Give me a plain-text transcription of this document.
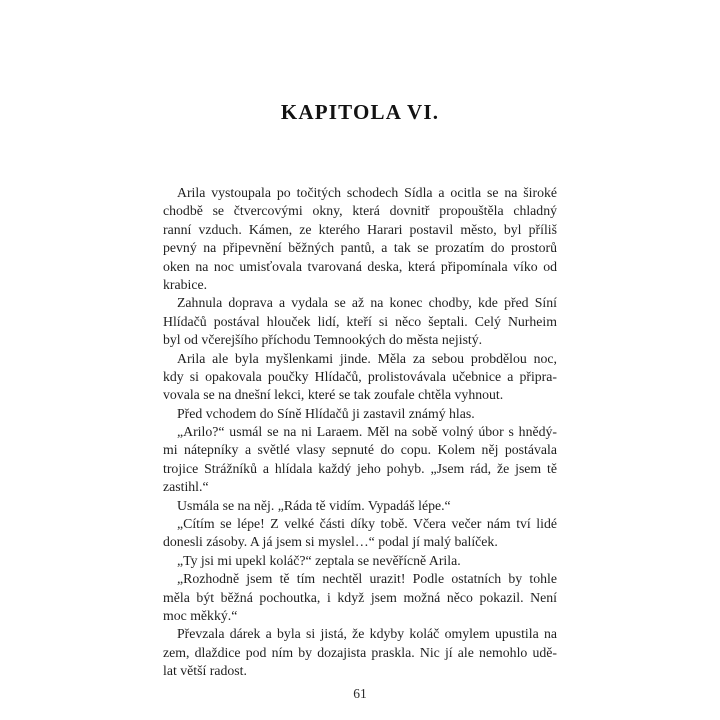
KAPITOLA VI.
Arila vystoupala po točitých schodech Sídla a ocitla se na široké
chodbě se čtvercovými okny, která dovnitř propouštěla chladný
ranní vzduch. Kámen, ze kterého Harari postavil město, byl příliš
pevný na připevnění běžných pantů, a tak se prozatím do prostorů
oken na noc umisťovala tvarovaná deska, která připomínala víko od
krabice.
Zahnula doprava a vydala se až na konec chodby, kde před Síní
Hlídačů postával hlouček lidí, kteří si něco šeptali. Celý Nurheim
byl od včerejšího příchodu Temnookých do města nejistý.
Arila ale byla myšlenkami jinde. Měla za sebou probdělou noc,
kdy si opakovala poučky Hlídačů, prolistovávala učebnice a připra-
vovala se na dnešní lekci, které se tak zoufale chtěla vyhnout.
Před vchodem do Síně Hlídačů ji zastavil známý hlas.
„Arilo?“ usmál se na ni Laraem. Měl na sobě volný úbor s hnědý-
mi nátepníky a světlé vlasy sepnuté do copu. Kolem něj postávala
trojice Strážníků a hlídala každý jeho pohyb. „Jsem rád, že jsem tě
zastihl.“
Usmála se na něj. „Ráda tě vidím. Vypadáš lépe.“
„Cítím se lépe! Z velké části díky tobě. Včera večer nám tví lidé
donesli zásoby. A já jsem si myslel…“ podal jí malý balíček.
„Ty jsi mi upekl koláč?“ zeptala se nevěřícně Arila.
„Rozhodně jsem tě tím nechtěl urazit! Podle ostatních by tohle
měla být běžná pochoutka, i když jsem možná něco pokazil. Není
moc měkký.“
Převzala dárek a byla si jistá, že kdyby koláč omylem upustila na
zem, dlaždice pod ním by dozajista praskla. Nic jí ale nemohlo udě-
lat větší radost.
61
